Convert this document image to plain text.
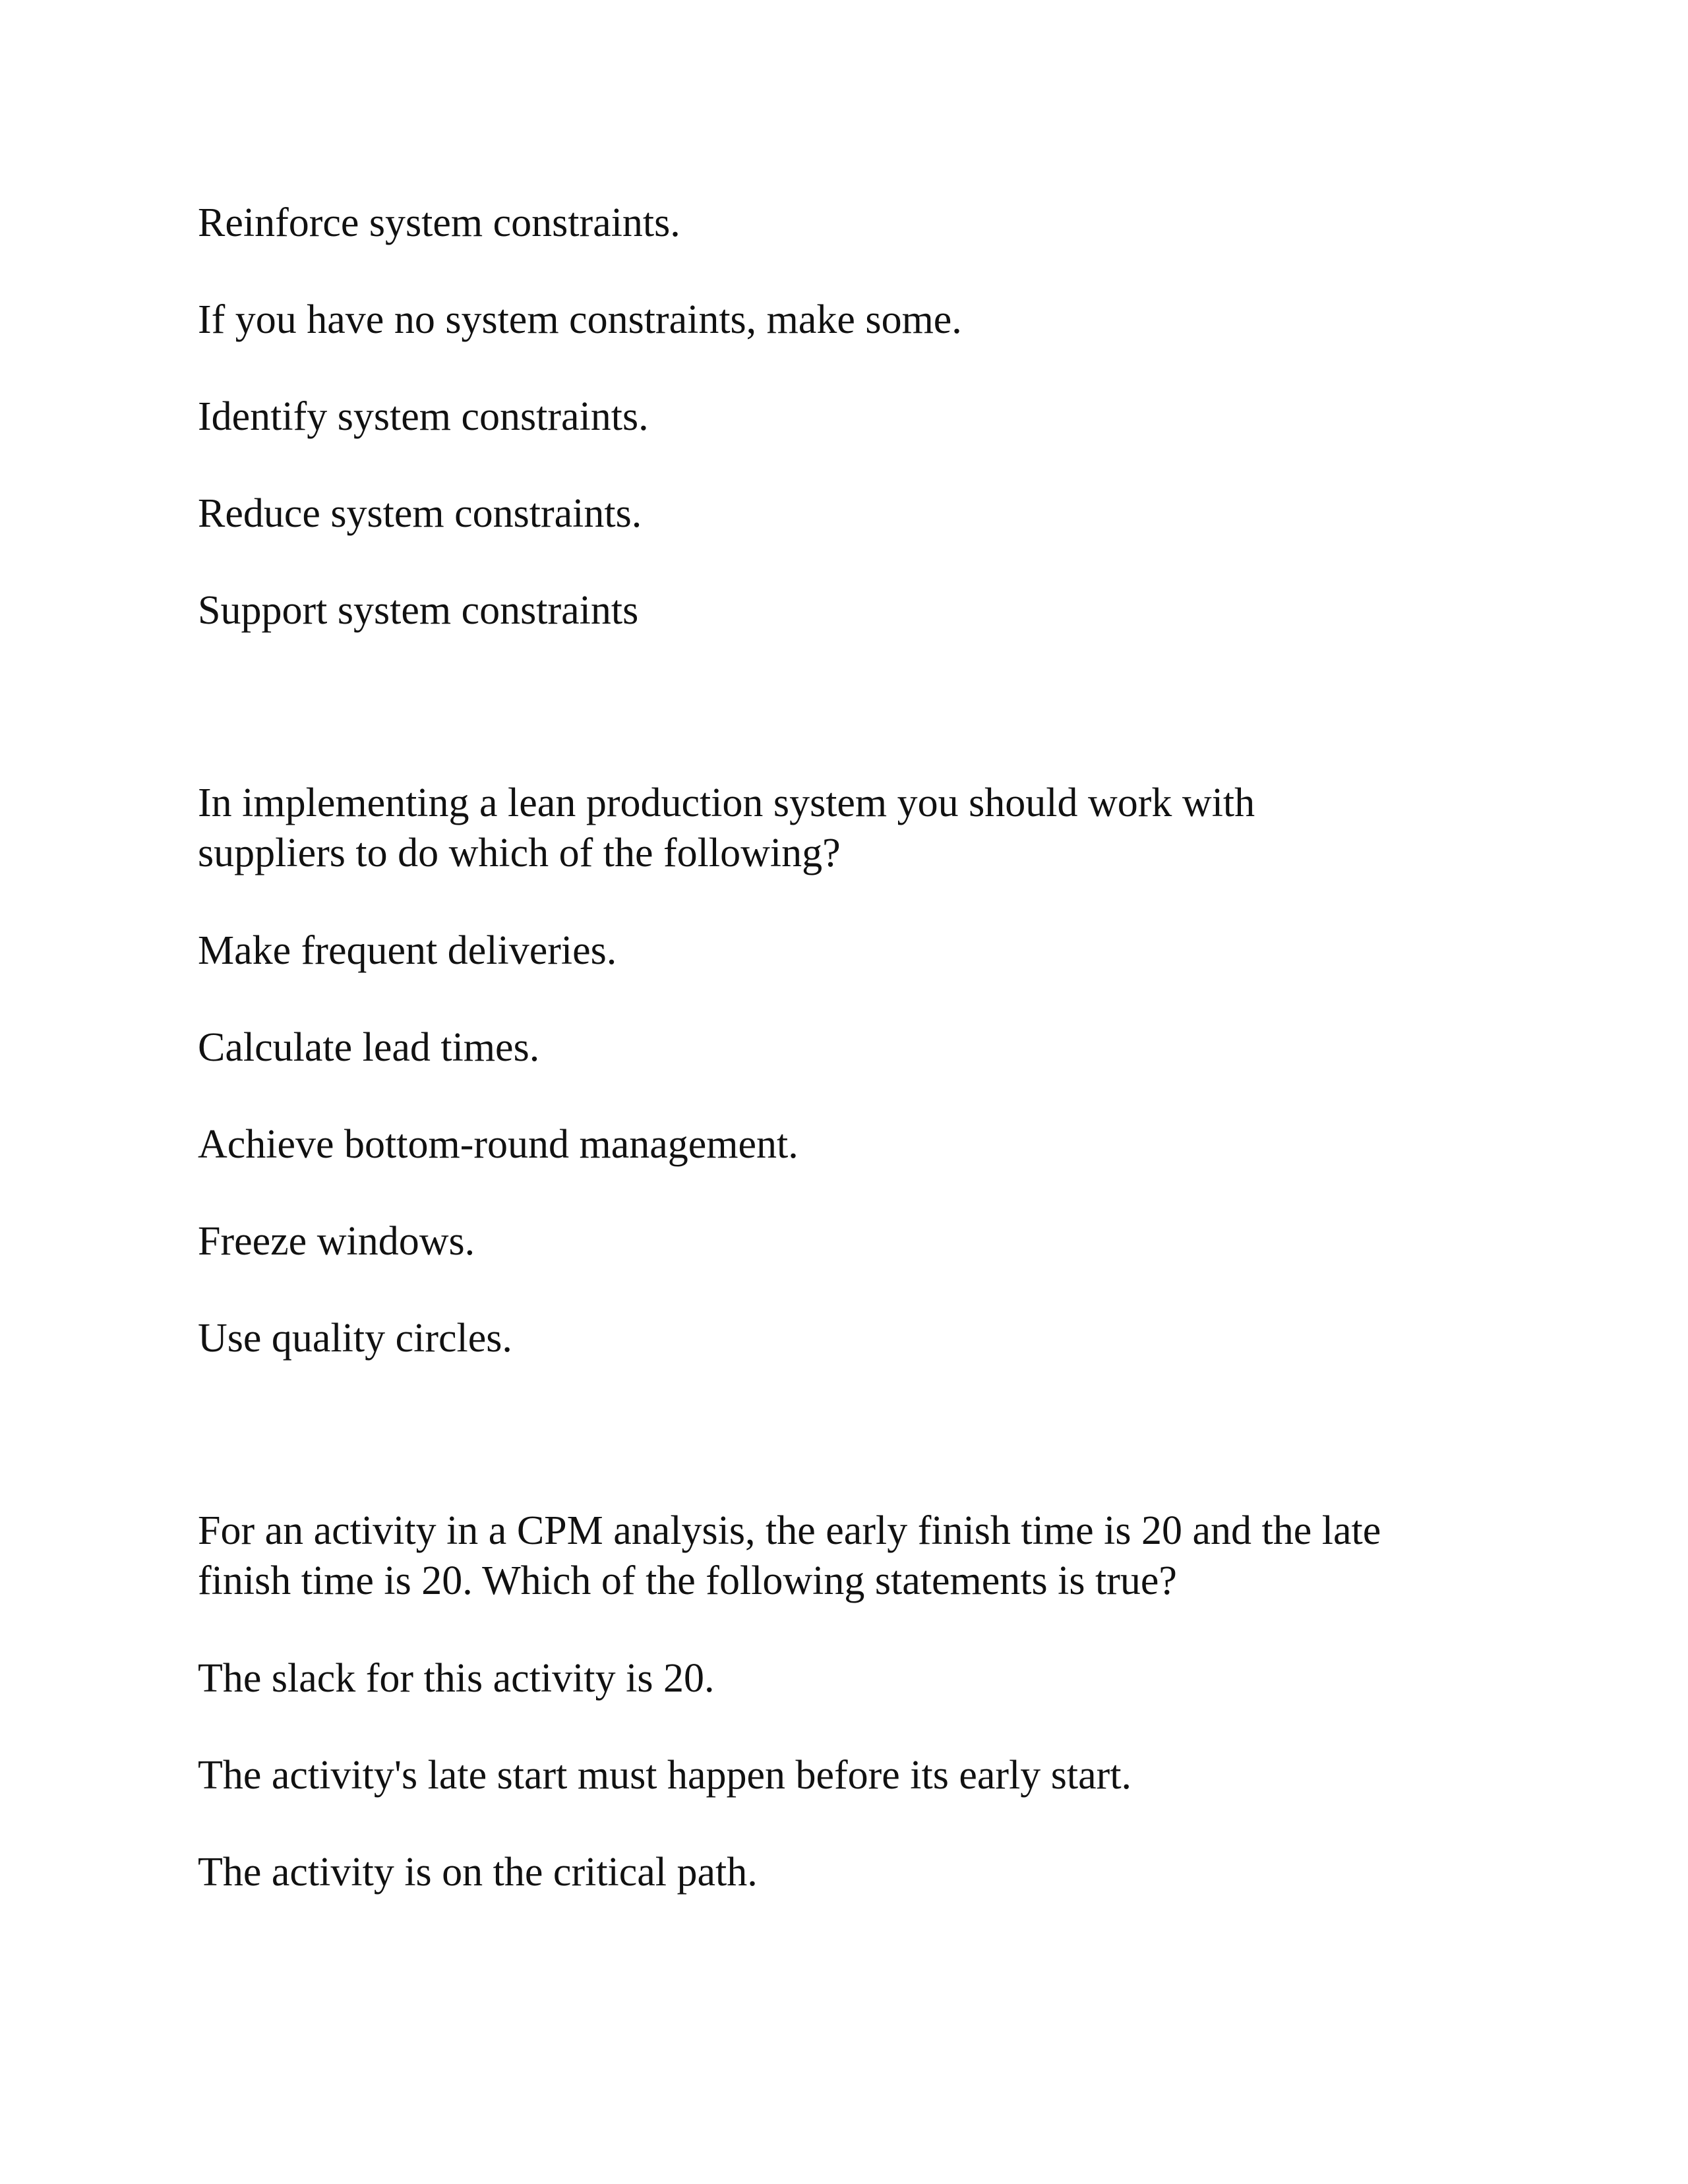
Reinforce system constraints.

If you have no system constraints, make some.

Identify system constraints.

Reduce system constraints.

Support system constraints

In implementing a lean production system you should work with

suppliers to do which of the following?

Make frequent deliveries.

Calculate lead times.

Achieve bottom-round management.

Freeze windows.

Use quality circles.

For an activity in a CPM analysis, the early finish time is 20 and the late

finish time is 20. Which of the following statements is true?

The slack for this activity is 20.

The activity's late start must happen before its early start.

The activity is on the critical path.
